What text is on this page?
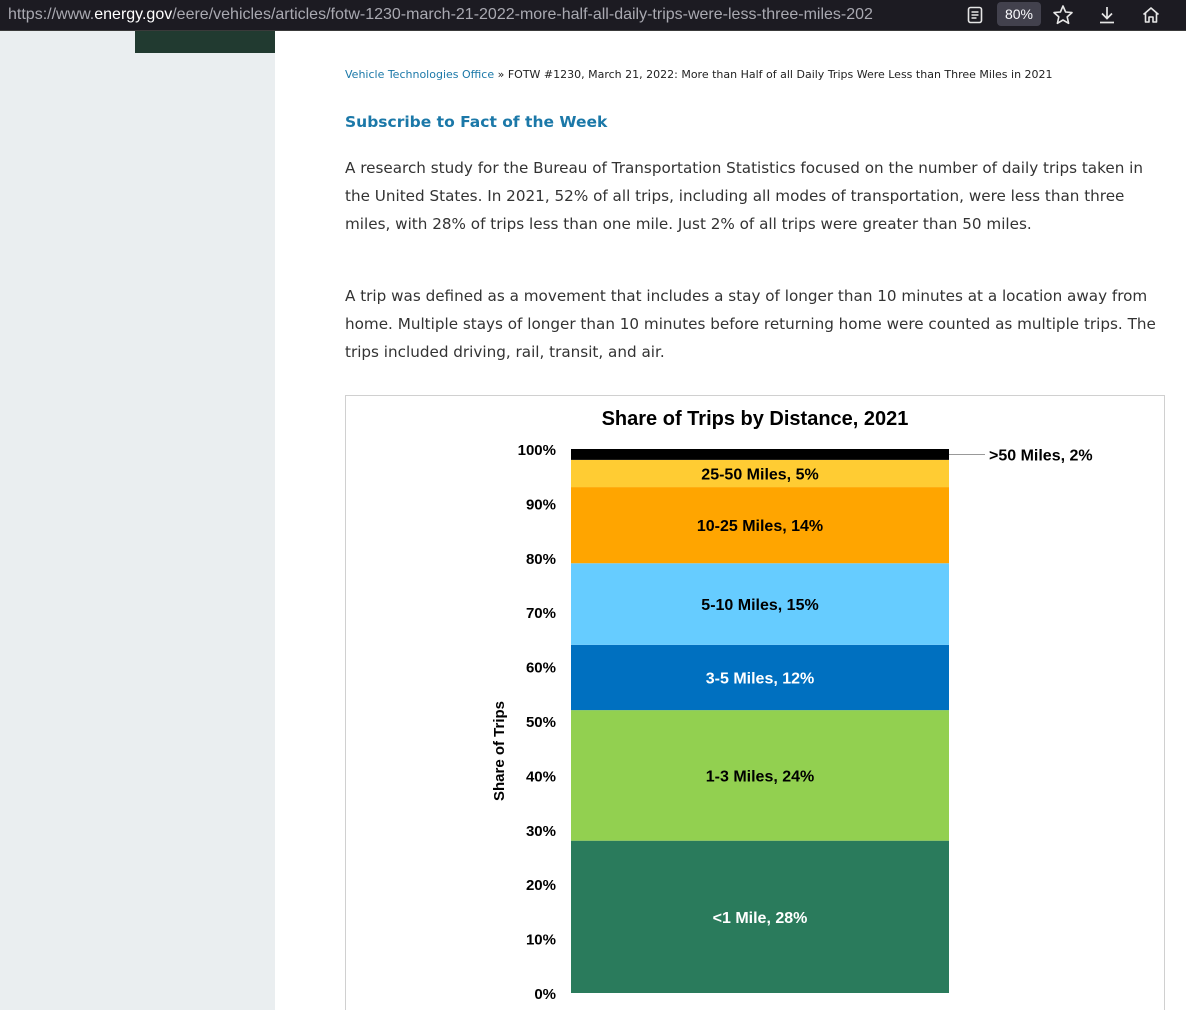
https://www.energy.gov/eere/vehicles/articles/fotw-1230-march-21-2022-more-half-all-daily-trips-were-less-three-miles-202	80%
Vehicle Technologies Office » FOTW #1230, March 21, 2022: More than Half of all Daily Trips Were Less than Three Miles in 2021
Subscribe to Fact of the Week

A research study for the Bureau of Transportation Statistics focused on the number of daily trips taken in the United States. In 2021, 52% of all trips, including all modes of transportation, were less than three miles, with 28% of trips less than one mile. Just 2% of all trips were greater than 50 miles.

A trip was defined as a movement that includes a stay of longer than 10 minutes at a location away from home. Multiple stays of longer than 10 minutes before returning home were counted as multiple trips. The trips included driving, rail, transit, and air.

Share of Trips by Distance, 2021
Share of Trips
0%
10%
20%
30%
40%
50%
60%
70%
80%
90%
100%
<1 Mile, 28%
1-3 Miles, 24%
3-5 Miles, 12%
5-10 Miles, 15%
10-25 Miles, 14%
25-50 Miles, 5%
>50 Miles, 2%
